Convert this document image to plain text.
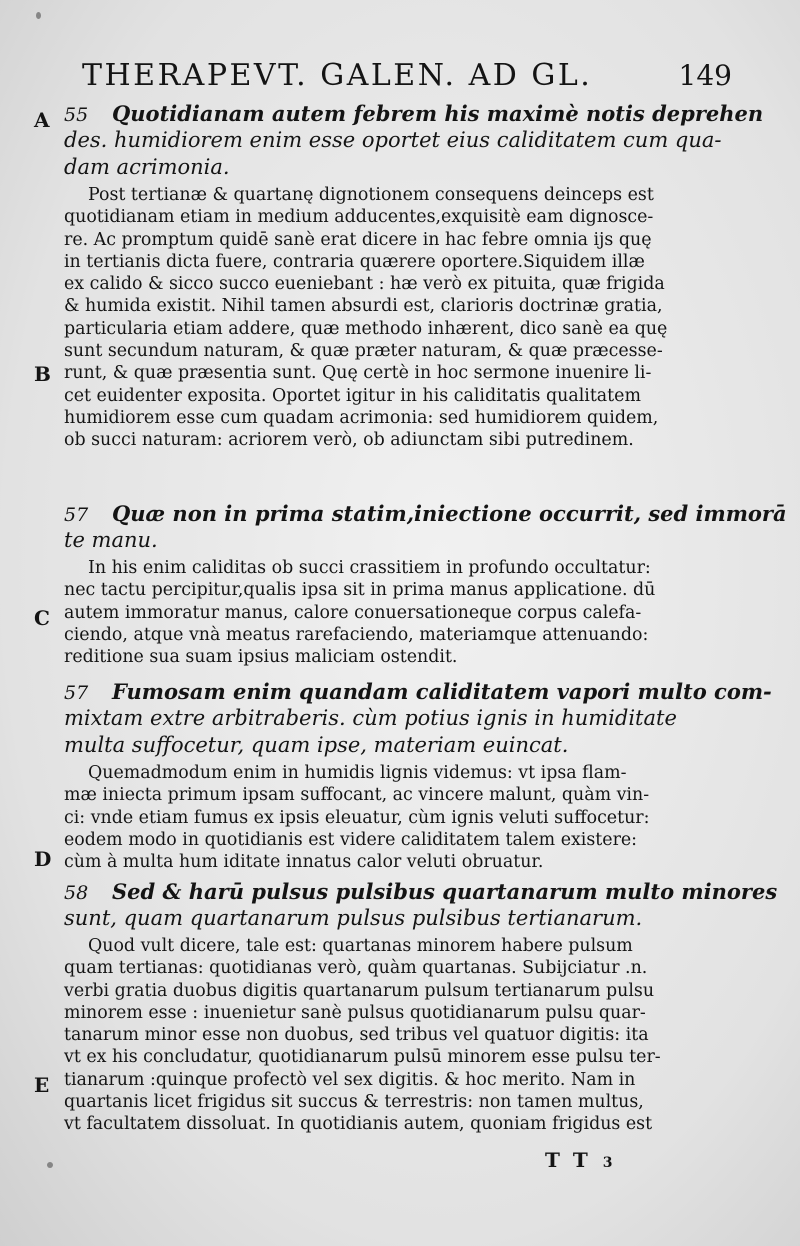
THERAPEVT. GALEN. AD GL.	149
A
B
C
D
E

55 Quotidianam autem febrem his maximè notis deprehen

des. humidiorem enim esse oportet eius caliditatem cum qua-

dam acrimonia.

Post tertianæ & quartanę dignotionem consequens deinceps est

quotidianam etiam in medium adducentes,exquisitè eam dignosce-

re. Ac promptum quidē sanè erat dicere in hac febre omnia ijs quę

in tertianis dicta fuere, contraria quærere oportere.Siquidem illæ

ex calido & sicco succo eueniebant : hæ verò ex pituita, quæ frigida

& humida existit. Nihil tamen absurdi est, clarioris doctrinæ gratia,

particularia etiam addere, quæ methodo inhærent, dico sanè ea quę

sunt secundum naturam, & quæ præter naturam, & quæ præcesse-

runt, & quæ præsentia sunt. Quę certè in hoc sermone inuenire li-

cet euidenter exposita. Oportet igitur in his caliditatis qualitatem

humidiorem esse cum quadam acrimonia: sed humidiorem quidem,

ob succi naturam: acriorem verò, ob adiunctam sibi putredinem.

57 Quæ non in prima statim,iniectione occurrit, sed immorā

te manu.

In his enim caliditas ob succi crassitiem in profundo occultatur:

nec tactu percipitur,qualis ipsa sit in prima manus applicatione. dū

autem immoratur manus, calore conuersationeque corpus calefa-

ciendo, atque vnà meatus rarefaciendo, materiamque attenuando:

reditione sua suam ipsius maliciam ostendit.

57 Fumosam enim quandam caliditatem vapori multo com-

mixtam extre arbitraberis. cùm potius ignis in humiditate

multa suffocetur, quam ipse, materiam euincat.

Quemadmodum enim in humidis lignis videmus: vt ipsa flam-

mæ iniecta primum ipsam suffocant, ac vincere malunt, quàm vin-

ci: vnde etiam fumus ex ipsis eleuatur, cùm ignis veluti suffocetur:

eodem modo in quotidianis est videre caliditatem talem existere:

cùm à multa hum iditate innatus calor veluti obruatur.

58 Sed & harū pulsus pulsibus quartanarum multo minores

sunt, quam quartanarum pulsus pulsibus tertianarum.

Quod vult dicere, tale est: quartanas minorem habere pulsum

quam tertianas: quotidianas verò, quàm quartanas. Subijciatur .n.

verbi gratia duobus digitis quartanarum pulsum tertianarum pulsu

minorem esse : inuenietur sanè pulsus quotidianarum pulsu quar-

tanarum minor esse non duobus, sed tribus vel quatuor digitis: ita

vt ex his concludatur, quotidianarum pulsū minorem esse pulsu ter-

tianarum :quinque profectò vel sex digitis. & hoc merito. Nam in

quartanis licet frigidus sit succus & terrestris: non tamen multus,

vt facultatem dissoluat. In quotidianis autem, quoniam frigidus est

T T 3
